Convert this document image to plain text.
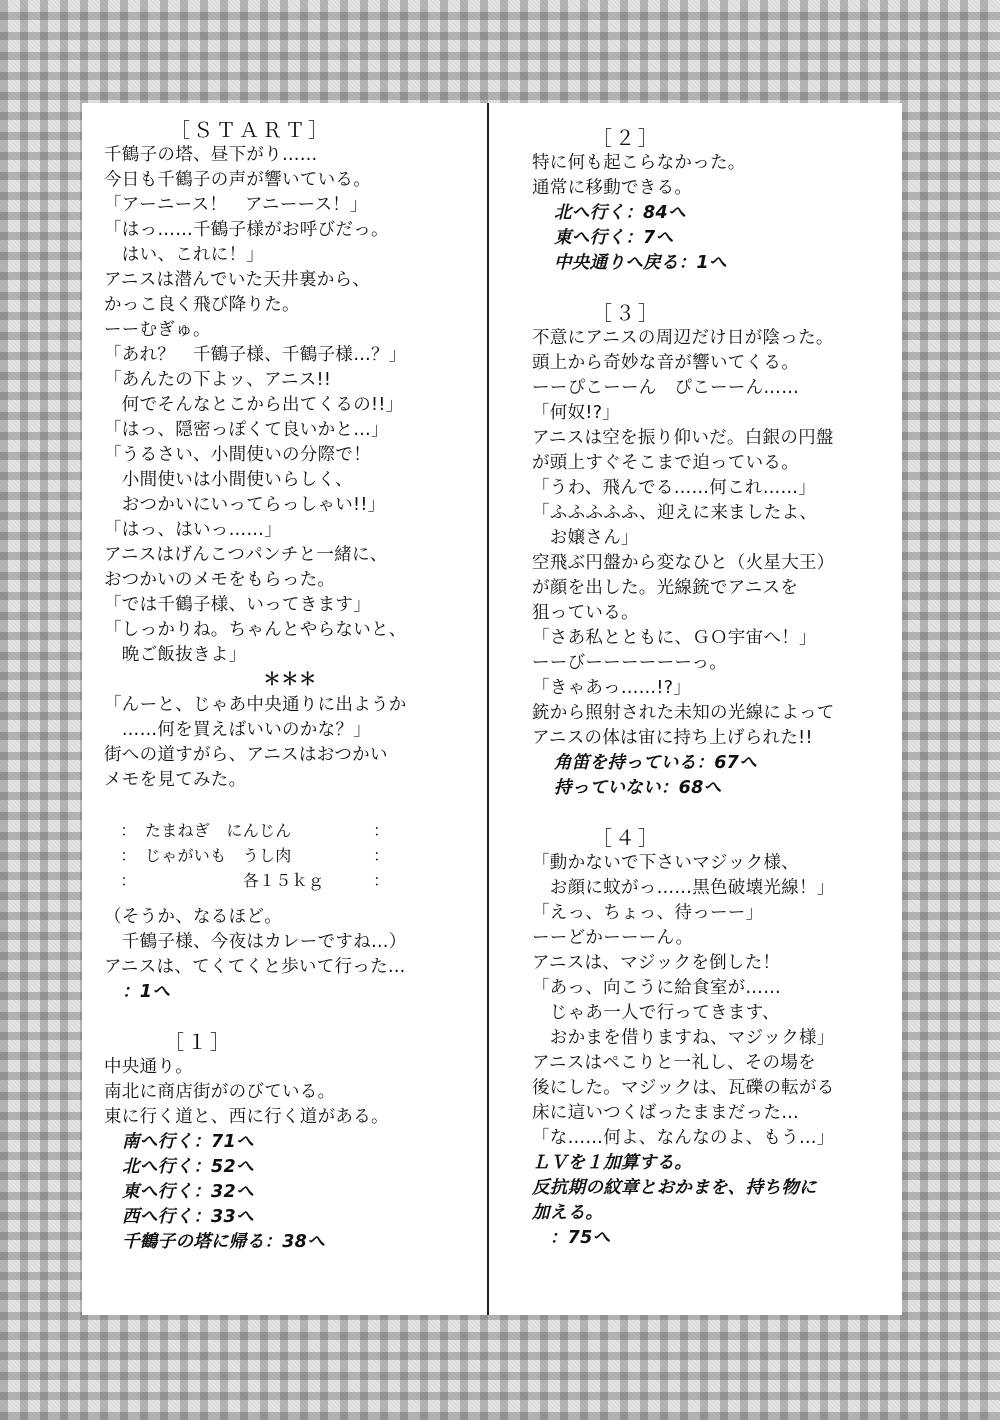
［ＳＴＡＲＴ］
千鶴子の塔、昼下がり……
今日も千鶴子の声が響いている。
「アーニース！　アニーース！」
「はっ……千鶴子様がお呼びだっ。
　はい、これに！」
アニスは潜んでいた天井裏から、
かっこ良く飛び降りた。
ーーむぎゅ。
「あれ？　千鶴子様、千鶴子様…？」
「あんたの下よッ、アニス!!
　何でそんなとこから出てくるの!!」
「はっ、隠密っぽくて良いかと…」
「うるさい、小間使いの分際で！
　小間使いは小間使いらしく、
　おつかいにいってらっしゃい!!」
「はっ、はいっ……」
アニスはげんこつパンチと一緒に、
おつかいのメモをもらった。
「では千鶴子様、いってきます」
「しっかりね。ちゃんとやらないと、
　晩ご飯抜きよ」
＊＊＊
「んーと、じゃあ中央通りに出ようか
　……何を買えばいいのかな？」
街への道すがら、アニスはおつかい
メモを見てみた。
　：　たまねぎ　にんじん　　　　　：
　：　じゃがいも　うし肉　　　　　：
　：　　　　　　　各１５ｋｇ　　　：
（そうか、なるほど。
　千鶴子様、今夜はカレーですね…）
アニスは、てくてくと歩いて行った…
：1へ
［１］
中央通り。
南北に商店街がのびている。
東に行く道と、西に行く道がある。
南へ行く：71へ
北へ行く：52へ
東へ行く：32へ
西へ行く：33へ
千鶴子の塔に帰る：38へ
［２］
特に何も起こらなかった。
通常に移動できる。
北へ行く：84へ
東へ行く：7へ
中央通りへ戻る：1へ
［３］
不意にアニスの周辺だけ日が陰った。
頭上から奇妙な音が響いてくる。
ーーぴこーーん　ぴこーーん……
「何奴!?」
アニスは空を振り仰いだ。白銀の円盤
が頭上すぐそこまで迫っている。
「うわ、飛んでる……何これ……」
「ふふふふふ、迎えに来ましたよ、
　お嬢さん」
空飛ぶ円盤から変なひと（火星大王）
が顔を出した。光線銃でアニスを
狙っている。
「さあ私とともに、ＧＯ宇宙へ！」
ーーびーーーーーーっ。
「きゃあっ……!?」
銃から照射された未知の光線によって
アニスの体は宙に持ち上げられた!!
角笛を持っている：67へ
持っていない：68へ
［４］
「動かないで下さいマジック様、
　お顔に蚊がっ……黒色破壊光線！」
「えっ、ちょっ、待っーー」
ーーどかーーーん。
アニスは、マジックを倒した！
「あっ、向こうに給食室が……
　じゃあ一人で行ってきます、
　おかまを借りますね、マジック様」
アニスはペこりと一礼し、その場を
後にした。マジックは、瓦礫の転がる
床に這いつくばったままだった…
「な……何よ、なんなのよ、もう…」
ＬＶを１加算する。
反抗期の紋章とおかまを、持ち物に
加える。
　：75へ
